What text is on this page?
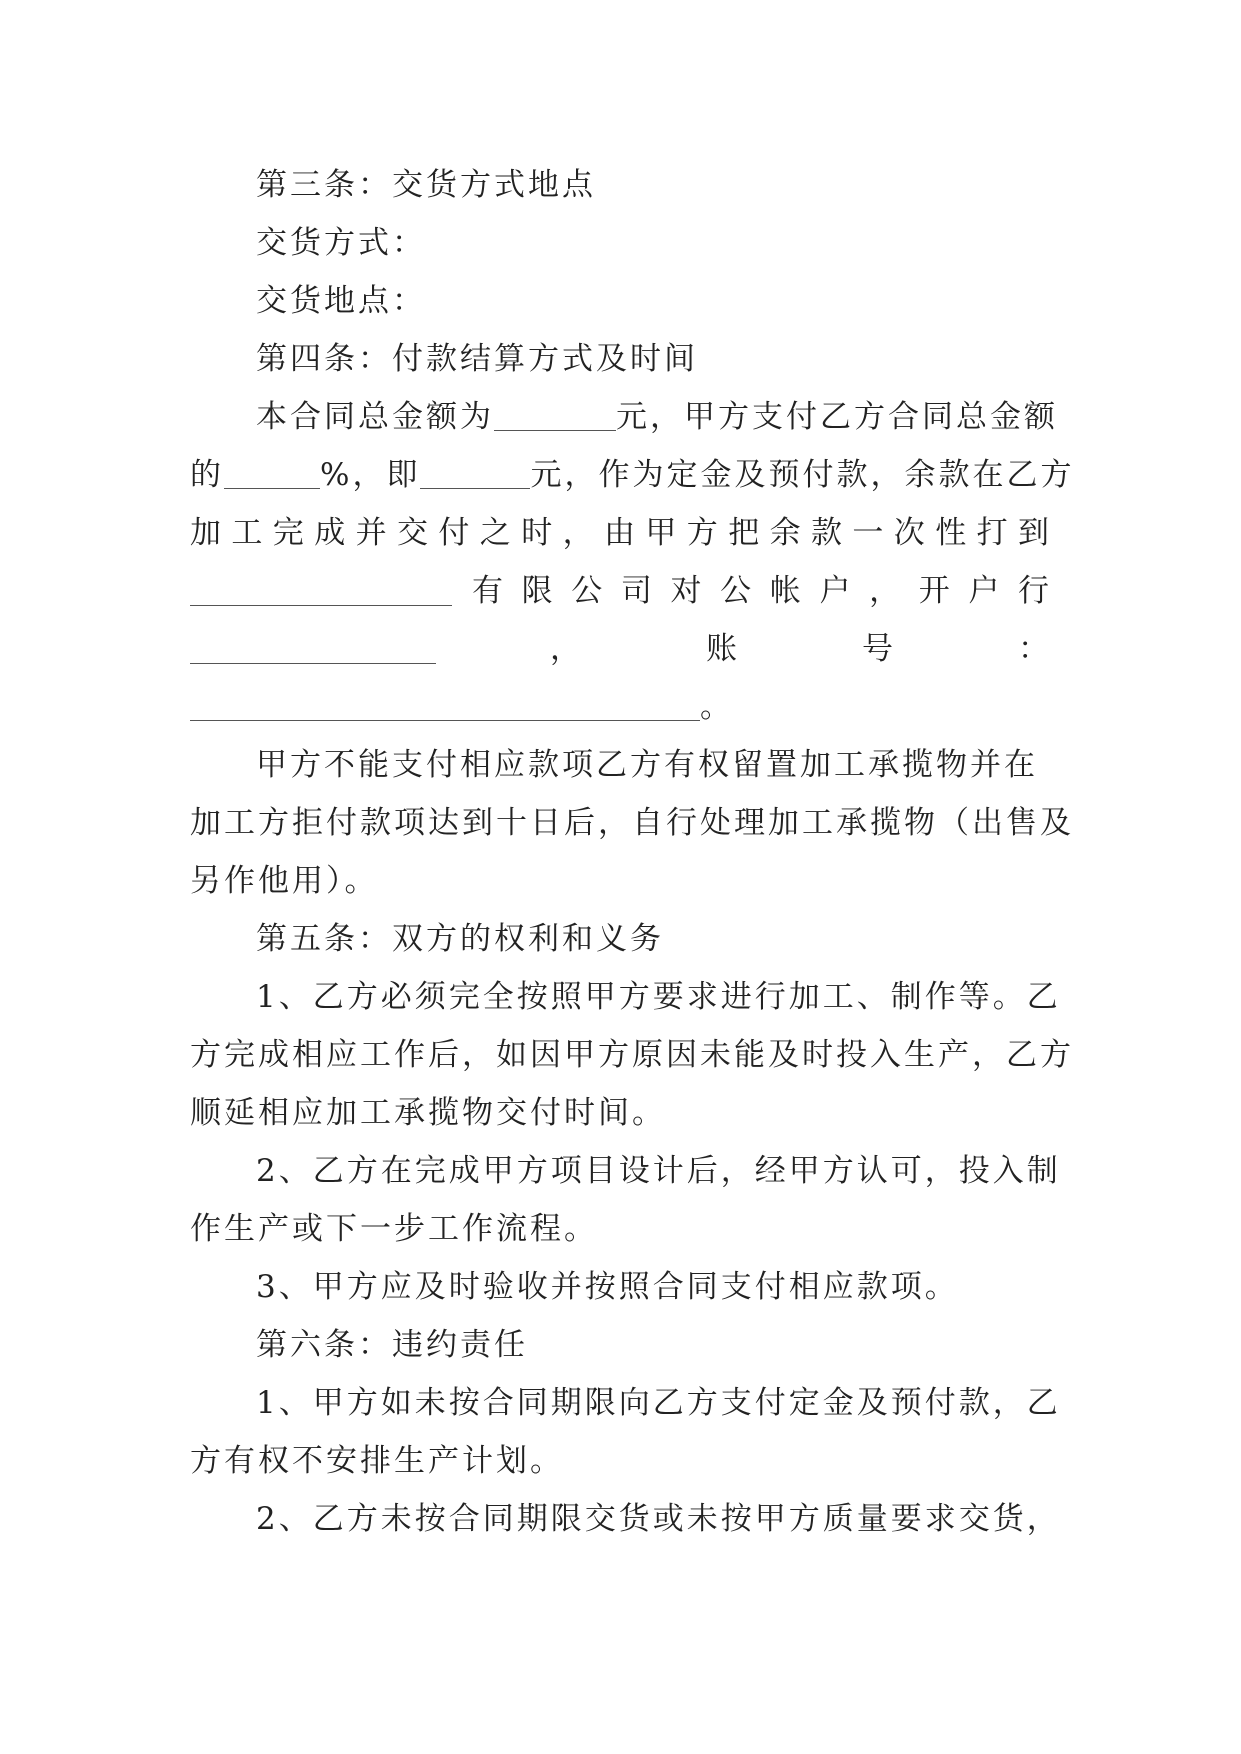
第三条：交货方式地点
交货方式：
交货地点：
第四条：付款结算方式及时间
本合同总金额为	元，甲方支付乙方合同总金额
的	%，即	元，作为定金及预付款，余款在乙方
加工完成并交付之时，由甲方把余款一次性打到
有限公司对公帐户，开户行
，	账	号	：
。
甲方不能支付相应款项乙方有权留置加工承揽物并在
加工方拒付款项达到十日后，自行处理加工承揽物（出售及
另作他用）。
第五条：双方的权利和义务
1、乙方必须完全按照甲方要求进行加工、制作等。乙
方完成相应工作后，如因甲方原因未能及时投入生产，乙方
顺延相应加工承揽物交付时间。
2、乙方在完成甲方项目设计后，经甲方认可，投入制
作生产或下一步工作流程。
3、甲方应及时验收并按照合同支付相应款项。
第六条：违约责任
1、甲方如未按合同期限向乙方支付定金及预付款，乙
方有权不安排生产计划。
2、乙方未按合同期限交货或未按甲方质量要求交货，
